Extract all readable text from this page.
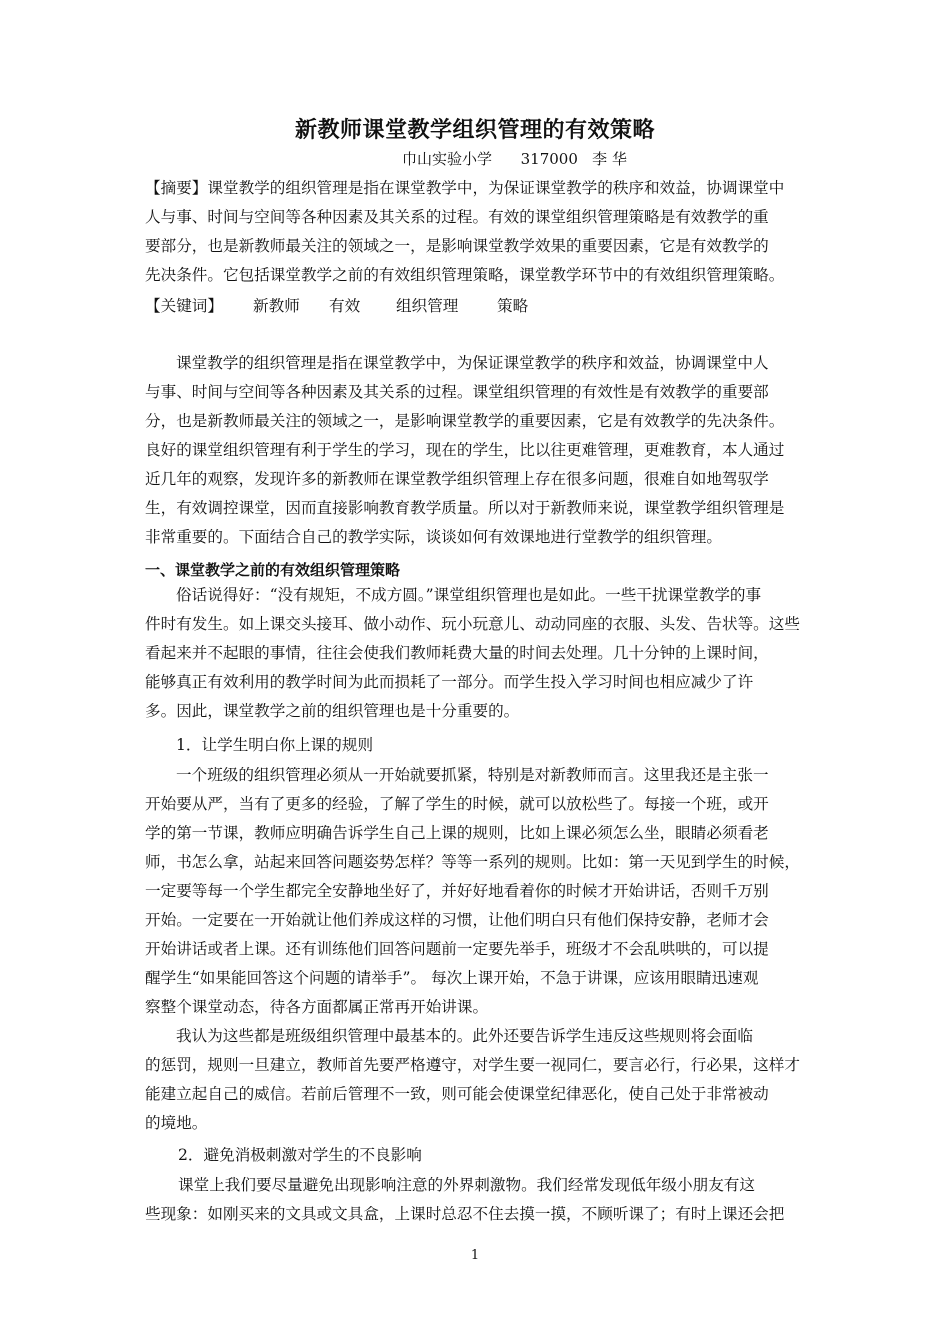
新教师课堂教学组织管理的有效策略
巾山实验小学      317000   李 华
【摘要】课堂教学的组织管理是指在课堂教学中，为保证课堂教学的秩序和效益，协调课堂中
人与事、时间与空间等各种因素及其关系的过程。有效的课堂组织管理策略是有效教学的重
要部分，也是新教师最关注的领域之一，是影响课堂教学效果的重要因素，它是有效教学的
先决条件。它包括课堂教学之前的有效组织管理策略，课堂教学环节中的有效组织管理策略。
【关键词】 新教师 有效 组织管理 策略
课堂教学的组织管理是指在课堂教学中，为保证课堂教学的秩序和效益，协调课堂中人
与事、时间与空间等各种因素及其关系的过程。课堂组织管理的有效性是有效教学的重要部
分，也是新教师最关注的领域之一，是影响课堂教学的重要因素，它是有效教学的先决条件。
良好的课堂组织管理有利于学生的学习，现在的学生，比以往更难管理，更难教育，本人通过
近几年的观察，发现许多的新教师在课堂教学组织管理上存在很多问题，很难自如地驾驭学
生，有效调控课堂，因而直接影响教育教学质量。所以对于新教师来说，课堂教学组织管理是
非常重要的。下面结合自己的教学实际，谈谈如何有效课地进行堂教学的组织管理。
一、课堂教学之前的有效组织管理策略
俗话说得好：“没有规矩，不成方圆。”课堂组织管理也是如此。一些干扰课堂教学的事
件时有发生。如上课交头接耳、做小动作、玩小玩意儿、动动同座的衣服、头发、告状等。这些
看起来并不起眼的事情，往往会使我们教师耗费大量的时间去处理。几十分钟的上课时间，
能够真正有效利用的教学时间为此而损耗了一部分。而学生投入学习时间也相应减少了许
多。因此，课堂教学之前的组织管理也是十分重要的。
1．让学生明白你上课的规则
一个班级的组织管理必须从一开始就要抓紧，特别是对新教师而言。这里我还是主张一
开始要从严，当有了更多的经验，了解了学生的时候，就可以放松些了。每接一个班，或开
学的第一节课，教师应明确告诉学生自己上课的规则，比如上课必须怎么坐，眼睛必须看老
师，书怎么拿，站起来回答问题姿势怎样？等等一系列的规则。比如：第一天见到学生的时候，
一定要等每一个学生都完全安静地坐好了，并好好地看着你的时候才开始讲话，否则千万别
开始。一定要在一开始就让他们养成这样的习惯，让他们明白只有他们保持安静，老师才会
开始讲话或者上课。还有训练他们回答问题前一定要先举手，班级才不会乱哄哄的，可以提
醒学生“如果能回答这个问题的请举手”。 每次上课开始，不急于讲课，应该用眼睛迅速观
察整个课堂动态，待各方面都属正常再开始讲课。
我认为这些都是班级组织管理中最基本的。此外还要告诉学生违反这些规则将会面临
的惩罚，规则一旦建立，教师首先要严格遵守，对学生要一视同仁，要言必行，行必果，这样才
能建立起自己的威信。若前后管理不一致，则可能会使课堂纪律恶化，使自己处于非常被动
的境地。
2．避免消极刺激对学生的不良影响
课堂上我们要尽量避免出现影响注意的外界刺激物。我们经常发现低年级小朋友有这
些现象：如刚买来的文具或文具盒，上课时总忍不住去摸一摸，不顾听课了；有时上课还会把
1
